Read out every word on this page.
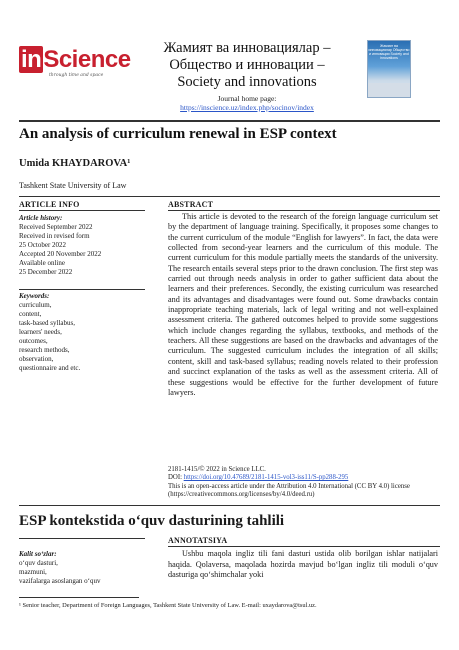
inScience
through time and space
Жамият ва инновациялар –
Общество и инновации –
Society and innovations
Journal home page:
https://inscience.uz/index.php/socinov/index
Жамият ва инновациялар Общество и инновации Society and innovations
An analysis of curriculum renewal in ESP context
Umida KHAYDAROVA¹
Tashkent State University of Law
ARTICLE INFO
Article history:
Received September 2022
Received in revised form
25 October 2022
Accepted 20 November 2022
Available online
25 December 2022
Keywords:
curriculum,
content,
task-based syllabus,
learners' needs,
outcomes,
research methods,
observation,
questionnaire and etc.
ABSTRACT

This article is devoted to the research of the foreign language curriculum set by the department of language training. Specifically, it proposes some changes to the current curriculum of the module “English for lawyers”. In fact, the data were collected from second-year learners and the curriculum of this module. The current curriculum for this module partially meets the standards of the university. The research entails several steps prior to the drawn conclusion. The first step was carried out through needs analysis in order to gather sufficient data about the learners and their preferences. Secondly, the existing curriculum was researched and its advantages and disadvantages were found out. Some drawbacks contain inappropriate teaching materials, lack of legal writing and not well-explained assessment criteria. The gathered outcomes helped to provide some suggestions which include changes regarding the syllabus, textbooks, and methods of the teachers. All these suggestions are based on the drawbacks and advantages of the curriculum. The suggested curriculum includes the integration of all skills; content, skill and task-based syllabus; reading novels related to their profession and succinct explanation of the tasks as well as the assessment criteria. All of these suggestions would be effective for the further development of future lawyers.

2181-1415/© 2022 in Science LLC.
DOI: https://doi.org/10.47689/2181-1415-vol3-iss11/S-pp288-295
This is an open-access article under the Attribution 4.0 International (CC BY 4.0) license (https://creativecommons.org/licenses/by/4.0/deed.ru)
ESP kontekstida o‘quv dasturining tahlili
ANNOTATSIYA
Kalit so‘zlar:
o‘quv dasturi,
mazmuni,
vazifalarga asoslangan o‘quv

Ushbu maqola ingliz tili fani dasturi ustida olib borilgan ishlar natijalari haqida. Qolaversa, maqolada hozirda mavjud bo‘lgan ingliz tili moduli o‘quv dasturiga qo‘shimchalar yoki

¹ Senior teacher, Department of Foreign Languages, Tashkent State University of Law. E-mail: uxaydarova@tsul.uz.
